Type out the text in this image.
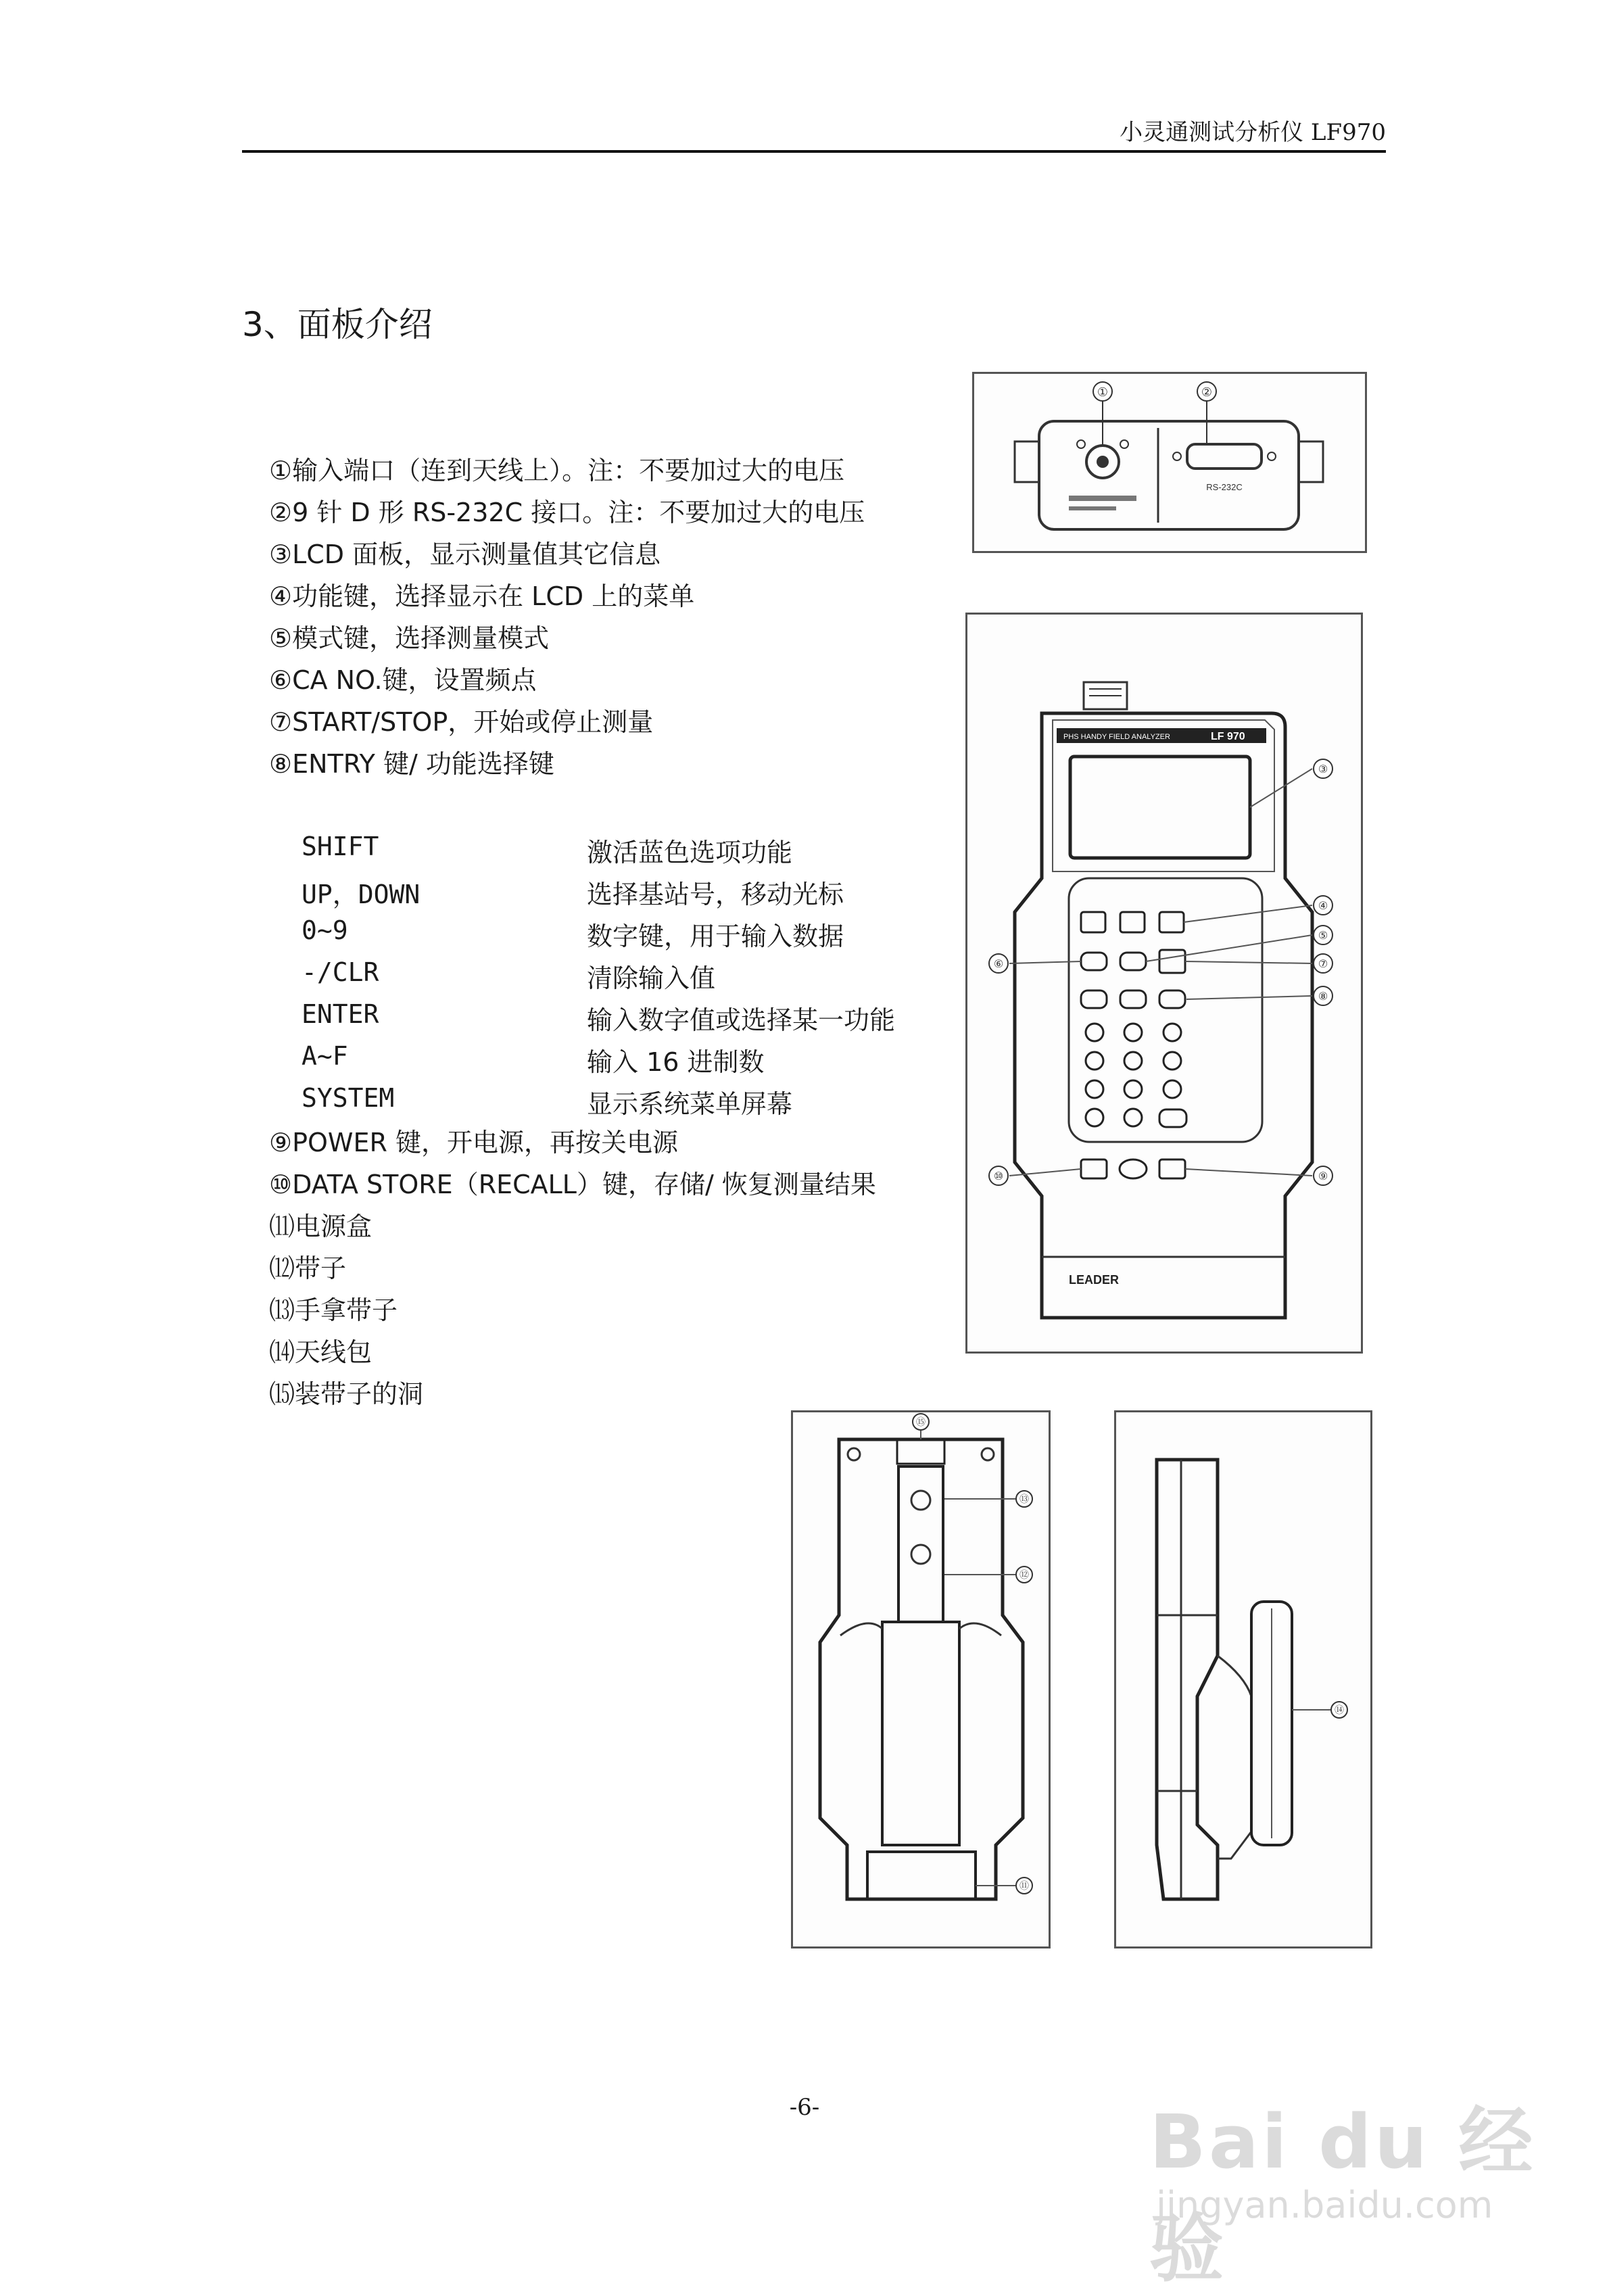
小灵通测试分析仪 LF970
3、面板介绍
①输入端口（连到天线上）。注：不要加过大的电压
②9 针 D 形 RS-232C 接口。注：不要加过大的电压
③LCD 面板，显示测量值其它信息
④功能键，选择显示在 LCD 上的菜单
⑤模式键，选择测量模式
⑥CA NO.键，设置频点
⑦START/STOP，开始或停止测量
⑧ENTRY 键/ 功能选择键
SHIFT	激活蓝色选项功能
UP，DOWN	选择基站号，移动光标
0~9	数字键，用于输入数据
-/CLR	清除输入值
ENTER	输入数字值或选择某一功能
A~F	输入 16 进制数
SYSTEM	显示系统菜单屏幕
⑨POWER 键，开电源，再按关电源
⑩DATA STORE（RECALL）键，存储/ 恢复测量结果
⑾电源盒
⑿带子
⒀手拿带子
⒁天线包
⒂装带子的洞
RS-232C
①	②
PHS HANDY FIELD ANALYZER	LF 970
LEADER
③
④
⑤
⑦
⑧
⑨
⑥
⑩
⑮
⑬
⑫
⑪
⑭
-6-	Bai du 经验
jingyan.baidu.com
